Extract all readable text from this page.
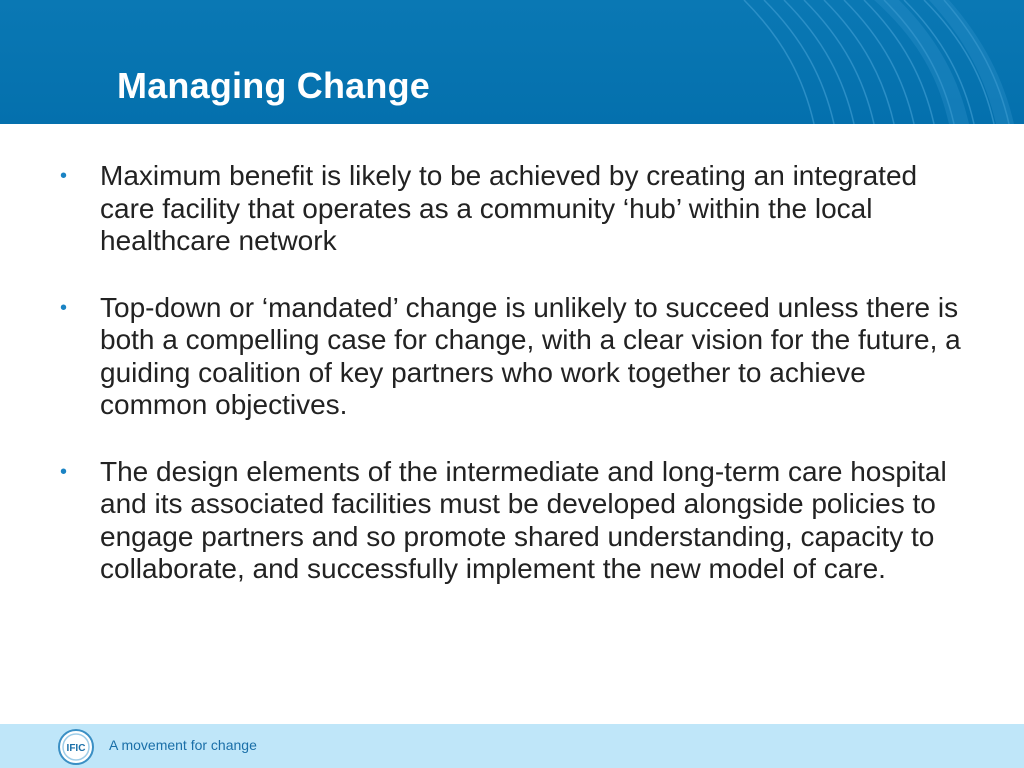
Managing Change
•	Maximum benefit is likely to be achieved by creating an integrated care facility that operates as a community ‘hub’ within the local healthcare network
•	Top-down or ‘mandated’ change is unlikely to succeed unless there is both a compelling case for change, with a clear vision for the future, a guiding coalition of key partners who work together to achieve common objectives.
•	The design elements of the intermediate and long-term care hospital and its associated facilities must be developed alongside policies to engage partners and so promote shared understanding, capacity to collaborate, and successfully implement the new model of care.
IFIC A movement for change
